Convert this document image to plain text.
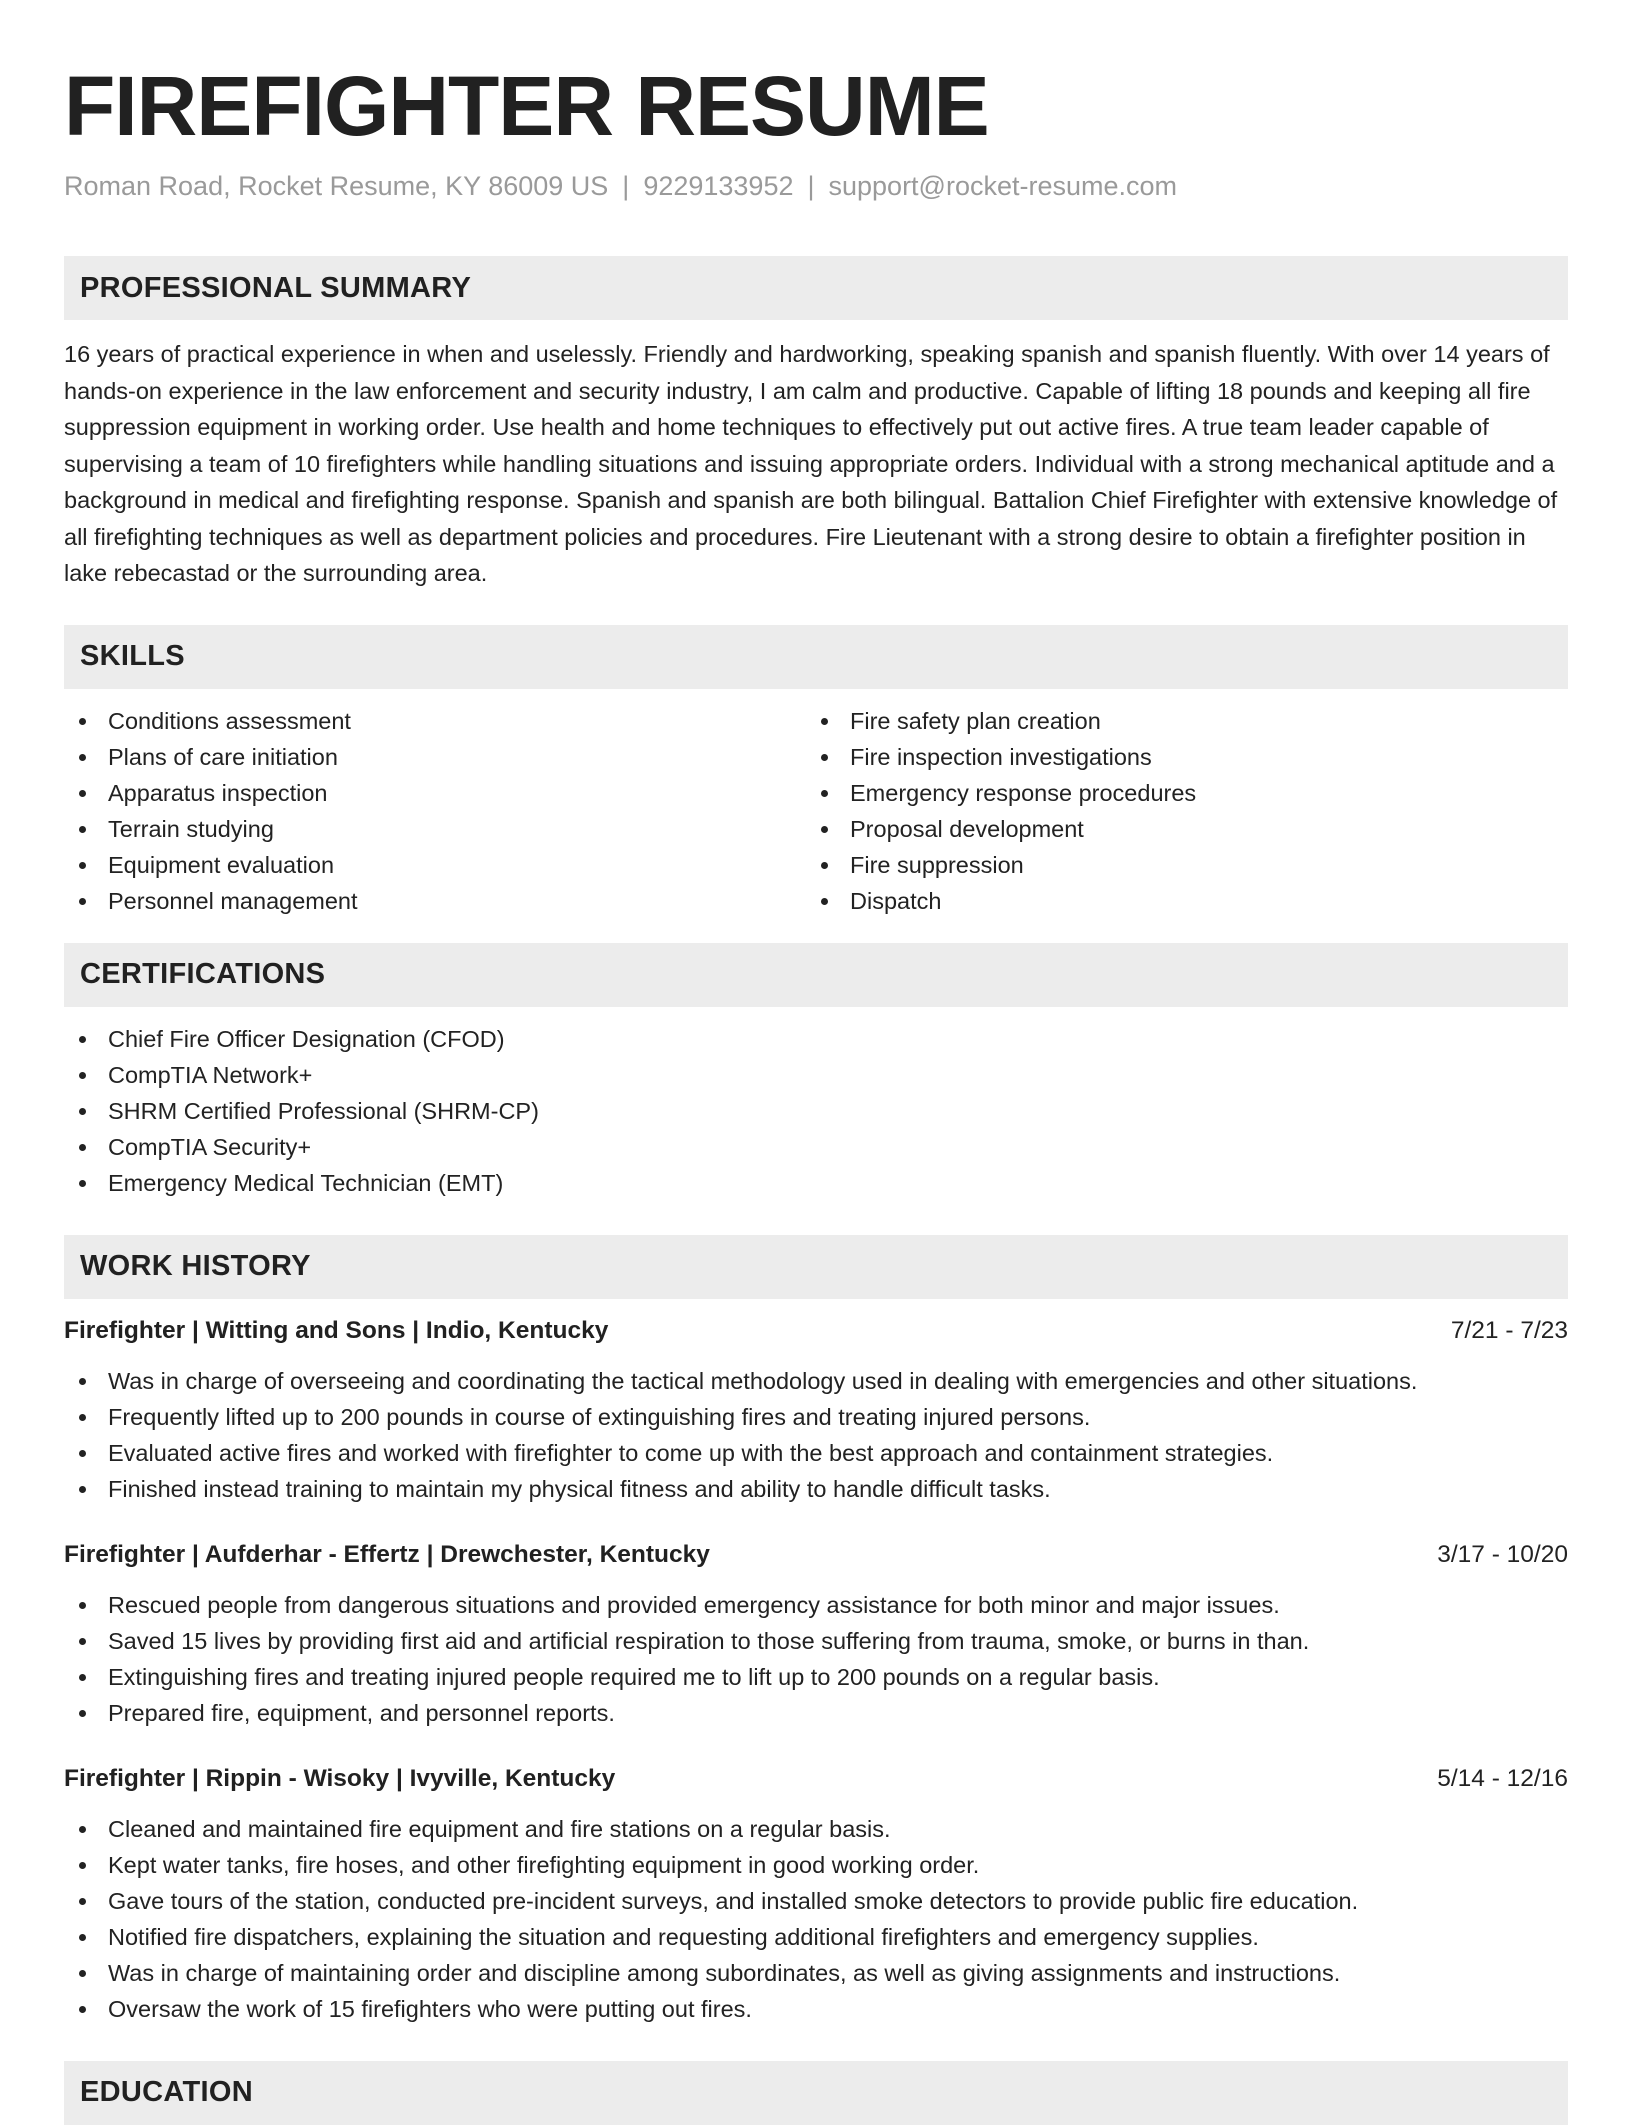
FIREFIGHTER RESUME
Roman Road, Rocket Resume, KY 86009 US | 9229133952 | support@rocket-resume.com
PROFESSIONAL SUMMARY

16 years of practical experience in when and uselessly. Friendly and hardworking, speaking spanish and spanish fluently. With over 14 years of hands-on experience in the law enforcement and security industry, I am calm and productive. Capable of lifting 18 pounds and keeping all fire suppression equipment in working order. Use health and home techniques to effectively put out active fires. A true team leader capable of supervising a team of 10 firefighters while handling situations and issuing appropriate orders. Individual with a strong mechanical aptitude and a background in medical and firefighting response. Spanish and spanish are both bilingual. Battalion Chief Firefighter with extensive knowledge of all firefighting techniques as well as department policies and procedures. Fire Lieutenant with a strong desire to obtain a firefighter position in lake rebecastad or the surrounding area.

SKILLS
Conditions assessment
Plans of care initiation
Apparatus inspection
Terrain studying
Equipment evaluation
Personnel management
Fire safety plan creation
Fire inspection investigations
Emergency response procedures
Proposal development
Fire suppression
Dispatch
CERTIFICATIONS
Chief Fire Officer Designation (CFOD)
CompTIA Network+
SHRM Certified Professional (SHRM-CP)
CompTIA Security+
Emergency Medical Technician (EMT)
WORK HISTORY
Firefighter | Witting and Sons | Indio, Kentucky	7/21 - 7/23
Was in charge of overseeing and coordinating the tactical methodology used in dealing with emergencies and other situations.
Frequently lifted up to 200 pounds in course of extinguishing fires and treating injured persons.
Evaluated active fires and worked with firefighter to come up with the best approach and containment strategies.
Finished instead training to maintain my physical fitness and ability to handle difficult tasks.
Firefighter | Aufderhar - Effertz | Drewchester, Kentucky	3/17 - 10/20
Rescued people from dangerous situations and provided emergency assistance for both minor and major issues.
Saved 15 lives by providing first aid and artificial respiration to those suffering from trauma, smoke, or burns in than.
Extinguishing fires and treating injured people required me to lift up to 200 pounds on a regular basis.
Prepared fire, equipment, and personnel reports.
Firefighter | Rippin - Wisoky | Ivyville, Kentucky	5/14 - 12/16
Cleaned and maintained fire equipment and fire stations on a regular basis.
Kept water tanks, fire hoses, and other firefighting equipment in good working order.
Gave tours of the station, conducted pre-incident surveys, and installed smoke detectors to provide public fire education.
Notified fire dispatchers, explaining the situation and requesting additional firefighters and emergency supplies.
Was in charge of maintaining order and discipline among subordinates, as well as giving assignments and instructions.
Oversaw the work of 15 firefighters who were putting out fires.
EDUCATION
